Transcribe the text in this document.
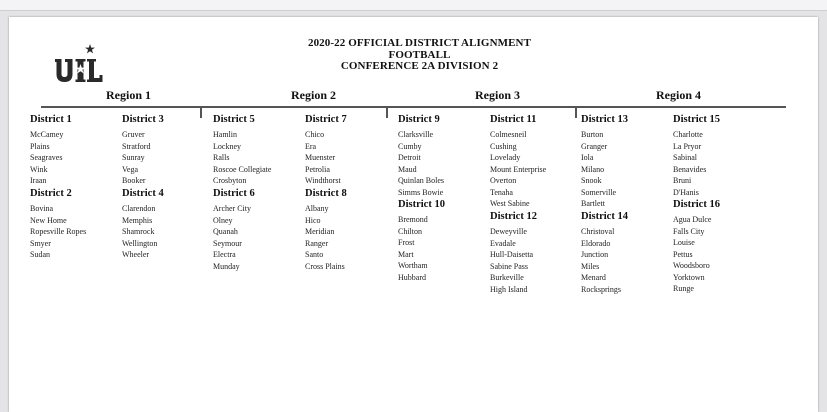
2020-22 OFFICIAL DISTRICT ALIGNMENT
FOOTBALL
CONFERENCE 2A DIVISION 2
Region 1	Region 2	Region 3	Region 4
District 1
McCamey
Plains
Seagraves
Wink
Iraan
District 2
Bovina
New Home
Ropesville Ropes
Smyer
Sudan
District 3
Gruver
Stratford
Sunray
Vega
Booker
District 4
Clarendon
Memphis
Shamrock
Wellington
Wheeler
District 5
Hamlin
Lockney
Ralls
Roscoe Collegiate
Crosbyton
District 6
Archer City
Olney
Quanah
Seymour
Electra
Munday
District 7
Chico
Era
Muenster
Petrolia
Windthorst
District 8
Albany
Hico
Meridian
Ranger
Santo
Cross Plains
District 9
Clarksville
Cumby
Detroit
Maud
Quinlan Boles
Simms Bowie
District 10
Bremond
Chilton
Frost
Mart
Wortham
Hubbard
District 11
Colmesneil
Cushing
Lovelady
Mount Enterprise
Overton
Tenaha
West Sabine
District 12
Deweyville
Evadale
Hull-Daisetta
Sabine Pass
Burkeville
High Island
District 13
Burton
Granger
Iola
Milano
Snook
Somerville
Bartlett
District 14
Christoval
Eldorado
Junction
Miles
Menard
Rocksprings
District 15
Charlotte
La Pryor
Sabinal
Benavides
Bruni
D'Hanis
District 16
Agua Dulce
Falls City
Louise
Pettus
Woodsboro
Yorktown
Runge
